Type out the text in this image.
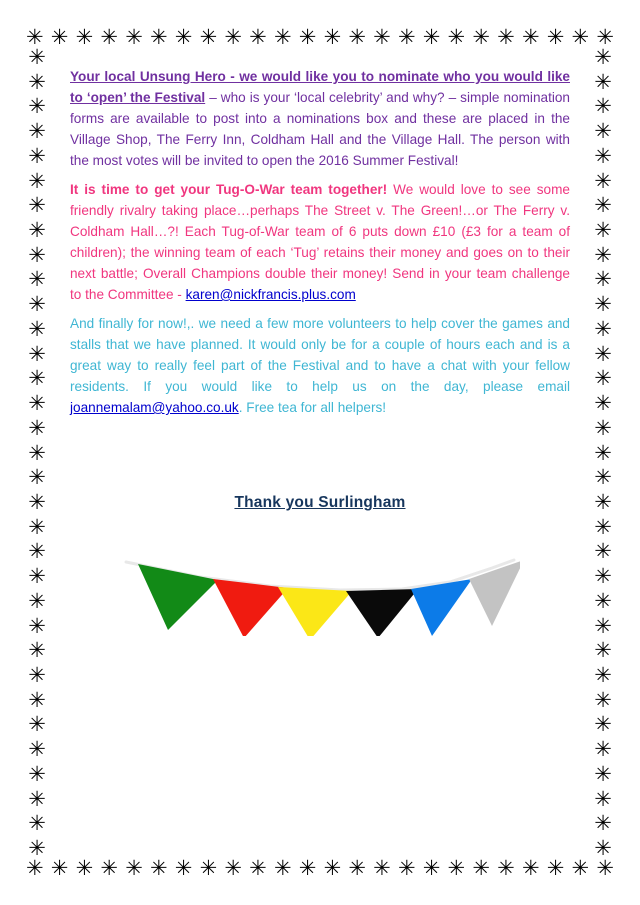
✳ ✳ ✳ ✳ ✳ ✳ ✳ ✳ ✳ ✳ ✳ ✳ ✳ ✳ ✳ ✳ ✳ ✳ ✳ ✳ ✳ ✳ ✳ ✳
✳
✳
✳
✳
✳
✳
✳
✳
✳
✳
✳
✳
✳
✳
✳
✳
✳
✳
✳
✳
✳
✳
✳
✳
✳
✳
✳
✳
✳
✳
✳
✳
✳
✳
✳
✳
✳
✳
✳
✳
✳
✳
✳
✳
✳
✳
✳
✳
✳
✳
✳
✳
✳
✳
✳
✳
✳
✳
✳
✳
✳
✳
✳
✳
✳
✳
✳ ✳ ✳ ✳ ✳ ✳ ✳ ✳ ✳ ✳ ✳ ✳ ✳ ✳ ✳ ✳ ✳ ✳ ✳ ✳ ✳ ✳ ✳ ✳

Your local Unsung Hero - we would like you to nominate who you would like to ‘open’ the Festival – who is your ‘local celebrity’ and why? – simple nomination forms are available to post into a nominations box and these are placed in the Village Shop, The Ferry Inn, Coldham Hall and the Village Hall. The person with the most votes will be invited to open the 2016 Summer Festival!

It is time to get your Tug-O-War team together! We would love to see some friendly rivalry taking place…perhaps The Street v. The Green!…or The Ferry v. Coldham Hall…?! Each Tug-of-War team of 6 puts down £10 (£3 for a team of children); the winning team of each ‘Tug’ retains their money and goes on to their next battle; Overall Champions double their money! Send in your team challenge to the Committee - karen@nickfrancis.plus.com

And finally for now!,. we need a few more volunteers to help cover the games and stalls that we have planned. It would only be for a couple of hours each and is a great way to really feel part of the Festival and to have a chat with your fellow residents. If you would like to help us on the day, please email joannemalam@yahoo.co.uk. Free tea for all helpers!

Thank you Surlingham
